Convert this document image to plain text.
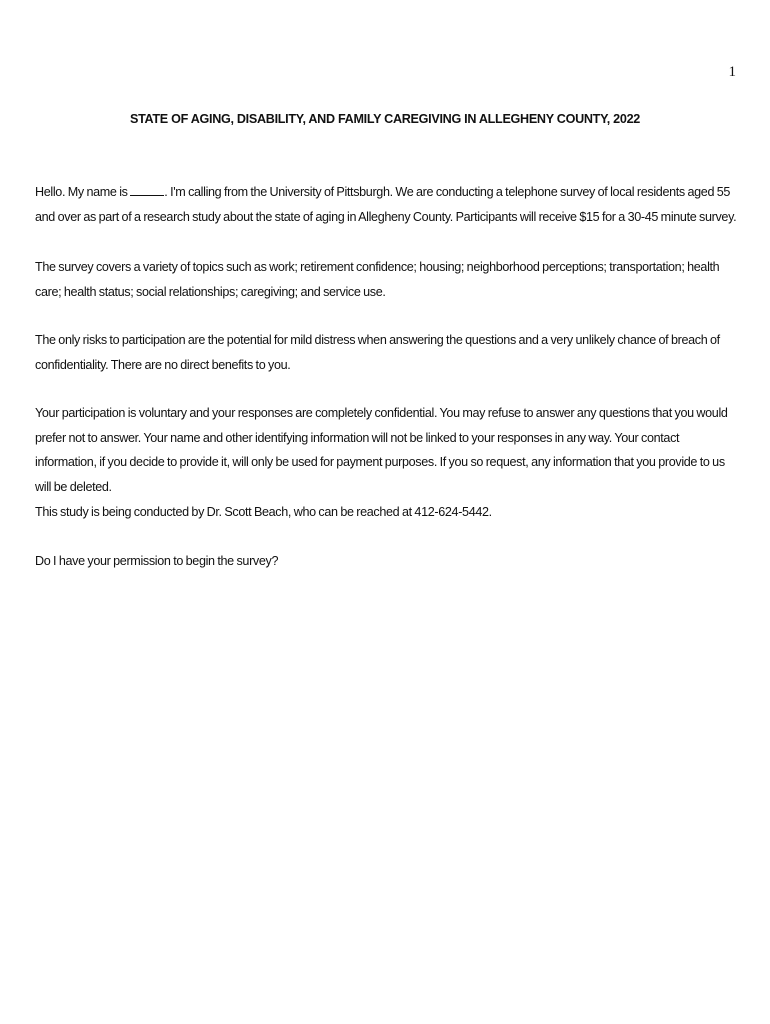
1
STATE OF AGING, DISABILITY, AND FAMILY CAREGIVING IN ALLEGHENY COUNTY, 2022

Hello. My name is	. I'm calling from the University of Pittsburgh. We are conducting a telephone survey of local residents aged 55 and over as part of a research study about the state of aging in Allegheny County. Participants will receive $15 for a 30-45 minute survey.

The survey covers a variety of topics such as work; retirement confidence; housing; neighborhood perceptions; transportation; health care; health status; social relationships; caregiving; and service use.

The only risks to participation are the potential for mild distress when answering the questions and a very unlikely chance of breach of confidentiality. There are no direct benefits to you.

Your participation is voluntary and your responses are completely confidential. You may refuse to answer any questions that you would prefer not to answer. Your name and other identifying information will not be linked to your responses in any way. Your contact information, if you decide to provide it, will only be used for payment purposes. If you so request, any information that you provide to us will be deleted.

This study is being conducted by Dr. Scott Beach, who can be reached at 412-624-5442.

Do I have your permission to begin the survey?
